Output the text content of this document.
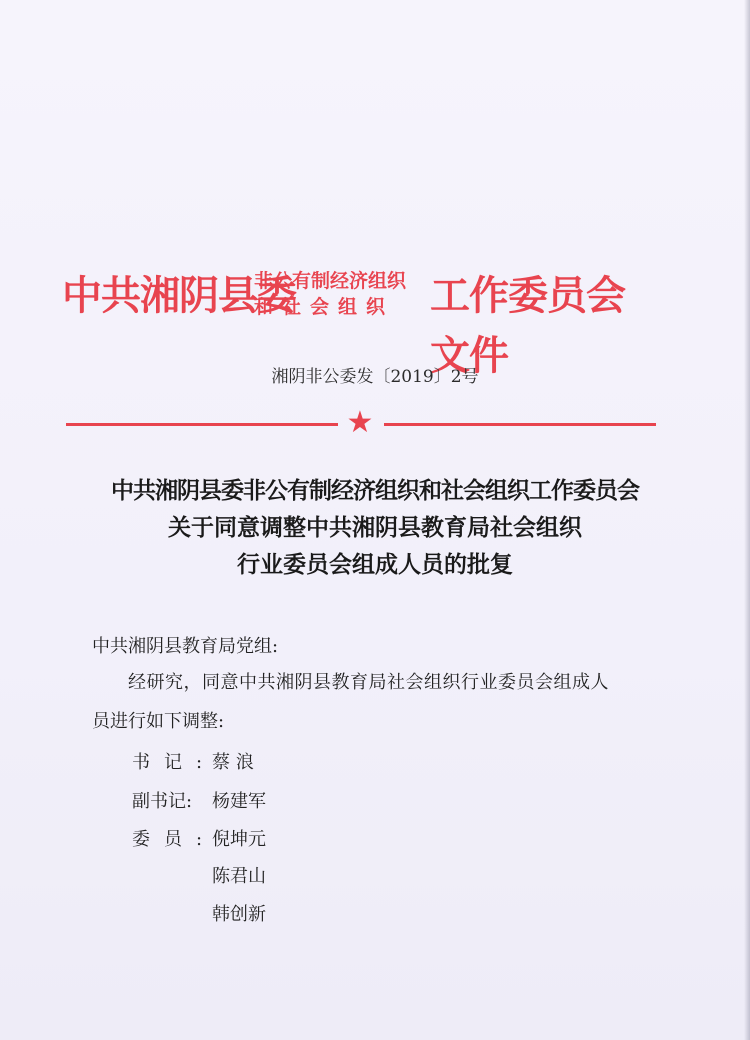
中共湘阴县委
非公有制经济组织
和社会组织 工作委员会文件
湘阴非公委发〔2019〕2号
★
中共湘阴县委非公有制经济组织和社会组织工作委员会
关于同意调整中共湘阴县教育局社会组织
行业委员会组成人员的批复
中共湘阴县教育局党组:
经研究，同意中共湘阴县教育局社会组织行业委员会组成人
员进行如下调整:
书记:
蔡 浪
副书记:	杨建军
委员:
倪坤元
陈君山
韩创新
